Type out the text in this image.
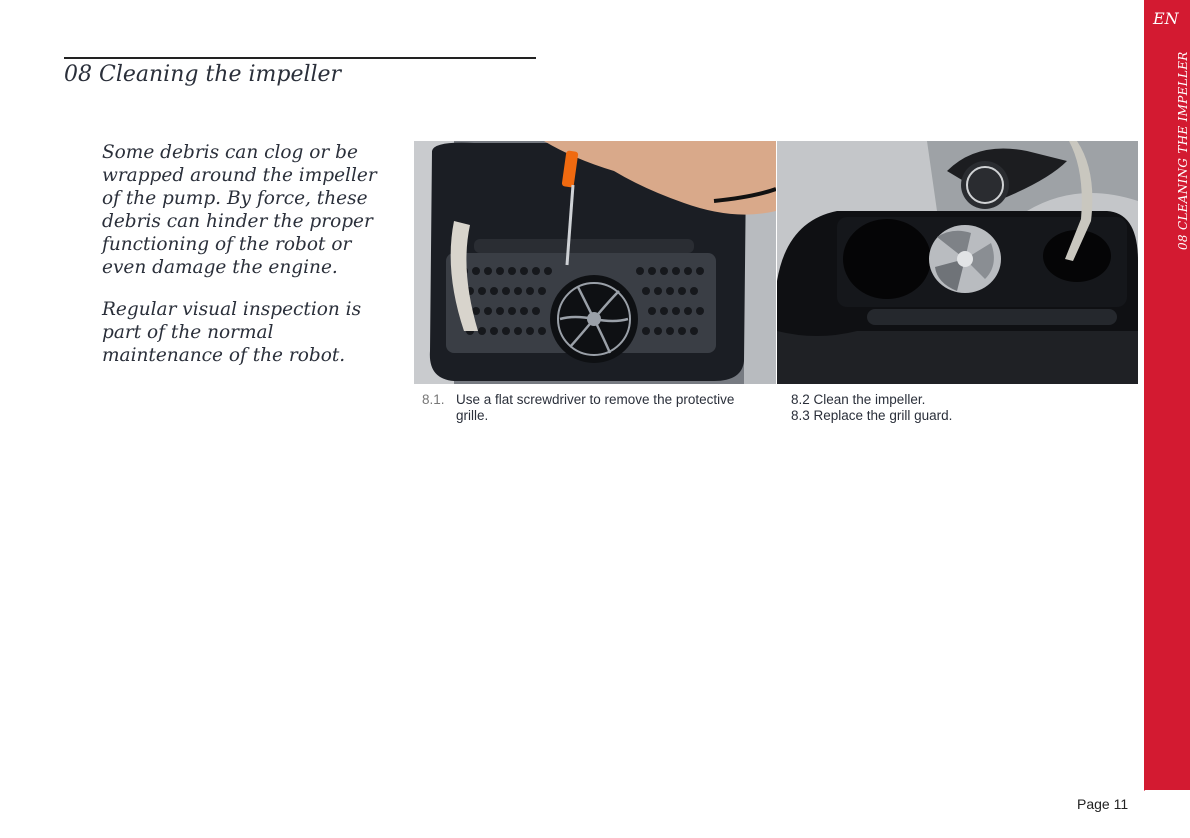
08 Cleaning the impeller

Some debris can clog or be wrapped around the impeller of the pump. By force, these debris can hinder the proper functioning of the robot or even damage the engine.

Regular visual inspection is part of the normal maintenance of the robot.

8.1. Use a flat screwdriver to remove the protective grille.
8.2 Clean the impeller.
8.3 Replace the grill guard.
EN
08 CLEANING THE IMPELLER
Page 11
